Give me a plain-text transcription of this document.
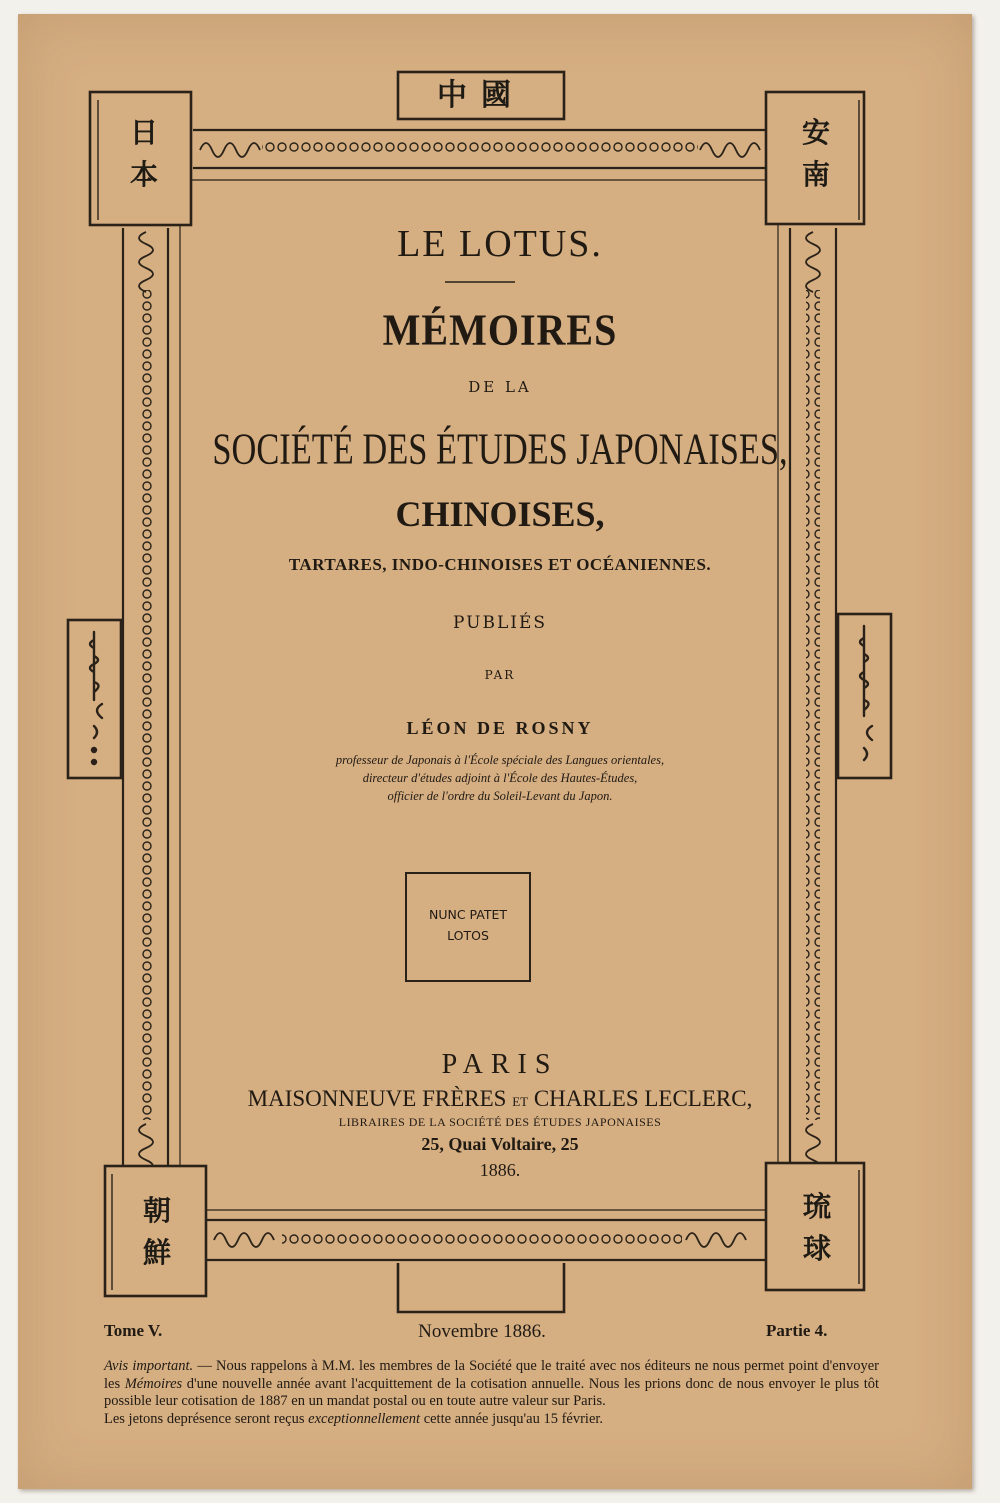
中國
日本
安南
朝鮮
琉球
LE LOTUS.
MÉMOIRES
DE LA
SOCIÉTÉ DES ÉTUDES JAPONAISES,
CHINOISES,
TARTARES, INDO-CHINOISES ET OCÉANIENNES.
PUBLIÉS
PAR
LÉON DE ROSNY
professeur de Japonais à l'École spéciale des Langues orientales,
directeur d'études adjoint à l'École des Hautes-Études,
officier de l'ordre du Soleil-Levant du Japon.
NUNC PATET
LOTOS
PARIS
MAISONNEUVE FRÈRES ET CHARLES LECLERC,
LIBRAIRES DE LA SOCIÉTÉ DES ÉTUDES JAPONAISES
25, Quai Voltaire, 25
1886.
Tome V.	Novembre 1886.	Partie 4.

Avis important. — Nous rappelons à M.M. les membres de la Société que le traité avec nos éditeurs ne nous permet point d'envoyer les Mémoires d'une nouvelle année avant l'acquittement de la cotisation annuelle. Nous les prions donc de nous envoyer le plus tôt possible leur cotisation de 1887 en un mandat postal ou en toute autre valeur sur Paris.

Les jetons deprésence seront reçus exceptionnellement cette année jusqu'au 15 février.
